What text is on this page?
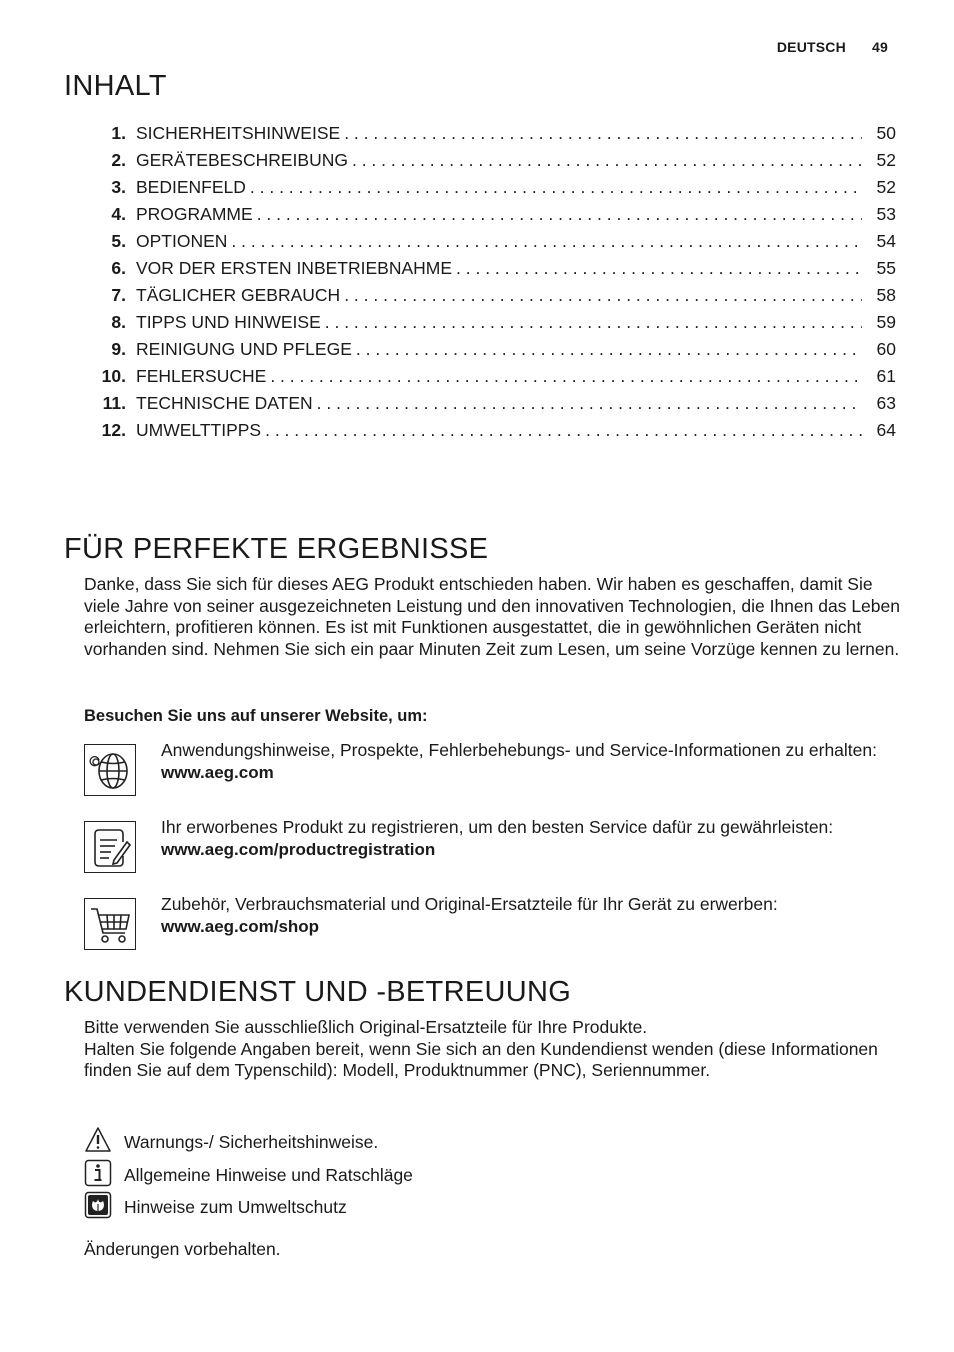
DEUTSCH 49
INHALT
1. SICHERHEITSHINWEISE . . .	50
2. GERÄTEBESCHREIBUNG . . .	52
3. BEDIENFELD . . .	52
4. PROGRAMME . . .	53
5. OPTIONEN . . .	54
6. VOR DER ERSTEN INBETRIEBNAHME . . .	55
7. TÄGLICHER GEBRAUCH . . .	58
8. TIPPS UND HINWEISE . . .	59
9. REINIGUNG UND PFLEGE . . .	60
10. FEHLERSUCHE . . .	61
11. TECHNISCHE DATEN . . .	63
12. UMWELTTIPPS . . .	64
FÜR PERFEKTE ERGEBNISSE

Danke, dass Sie sich für dieses AEG Produkt entschieden haben. Wir haben es geschaffen, damit Sie viele Jahre von seiner ausgezeichneten Leistung und den innovativen Technologien, die Ihnen das Leben erleichtern, profitieren können. Es ist mit Funktionen ausgestattet, die in gewöhnlichen Geräten nicht vorhanden sind. Nehmen Sie sich ein paar Minuten Zeit zum Lesen, um seine Vorzüge kennen zu lernen.

Besuchen Sie uns auf unserer Website, um:

Anwendungshinweise, Prospekte, Fehlerbehebungs- und Service-Informationen zu erhalten:
www.aeg.com
Ihr erworbenes Produkt zu registrieren, um den besten Service dafür zu gewährleisten:
www.aeg.com/productregistration
Zubehör, Verbrauchsmaterial und Original-Ersatzteile für Ihr Gerät zu erwerben:
www.aeg.com/shop
KUNDENDIENST UND -BETREUUNG
Bitte verwenden Sie ausschließlich Original-Ersatzteile für Ihre Produkte.
Halten Sie folgende Angaben bereit, wenn Sie sich an den Kundendienst wenden (diese Informationen finden Sie auf dem Typenschild): Modell, Produktnummer (PNC), Seriennummer.
Warnungs-/ Sicherheitshinweise.
Allgemeine Hinweise und Ratschläge
Hinweise zum Umweltschutz

Änderungen vorbehalten.
